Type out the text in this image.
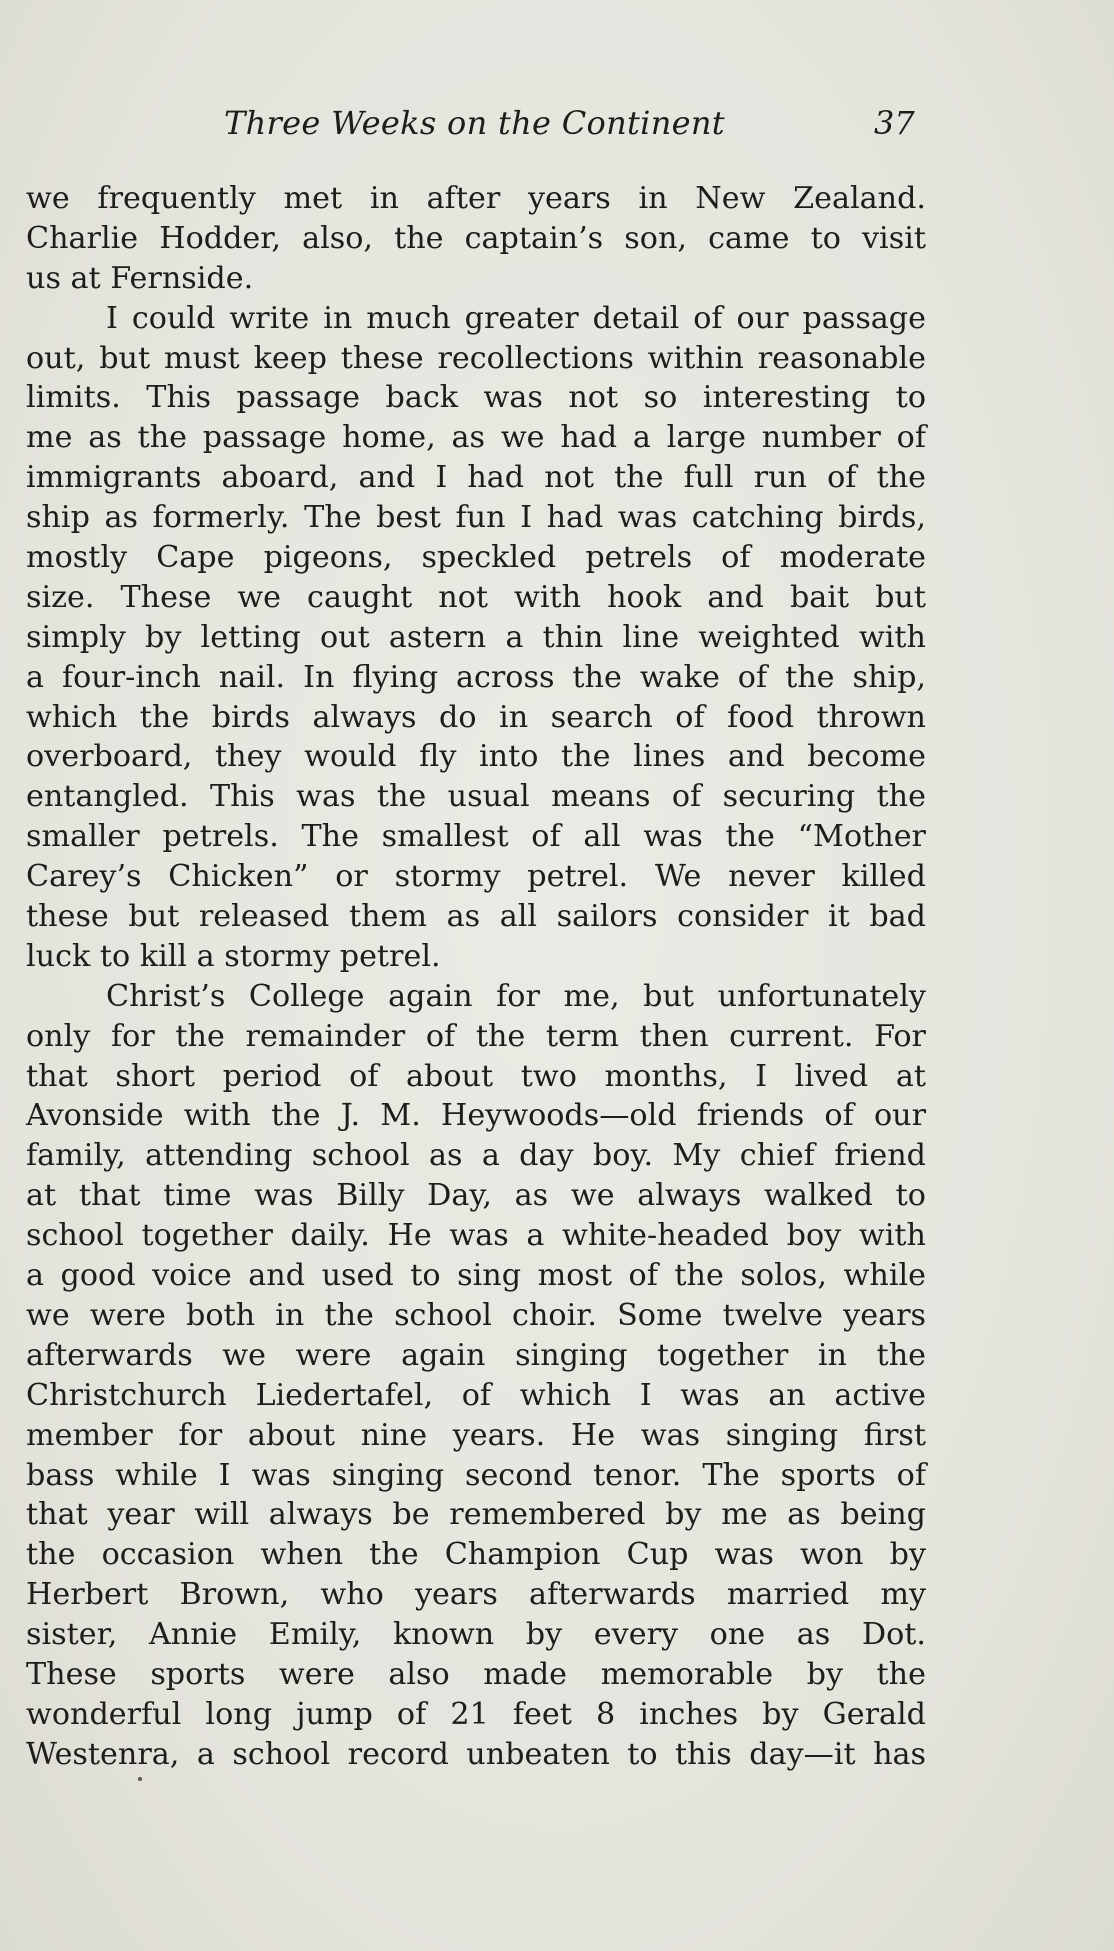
Three Weeks on the Continent	37
we frequently met in after years in New Zealand.
Charlie Hodder, also, the captain’s son, came to visit
us at Fernside.
I could write in much greater detail of our passage
out, but must keep these recollections within reasonable
limits. This passage back was not so interesting to
me as the passage home, as we had a large number of
immigrants aboard, and I had not the full run of the
ship as formerly. The best fun I had was catching birds,
mostly Cape pigeons, speckled petrels of moderate
size. These we caught not with hook and bait but
simply by letting out astern a thin line weighted with
a four-inch nail. In flying across the wake of the ship,
which the birds always do in search of food thrown
overboard, they would fly into the lines and become
entangled. This was the usual means of securing the
smaller petrels. The smallest of all was the “Mother
Carey’s Chicken” or stormy petrel. We never killed
these but released them as all sailors consider it bad
luck to kill a stormy petrel.
Christ’s College again for me, but unfortunately
only for the remainder of the term then current. For
that short period of about two months, I lived at
Avonside with the J. M. Heywoods—old friends of our
family, attending school as a day boy. My chief friend
at that time was Billy Day, as we always walked to
school together daily. He was a white-headed boy with
a good voice and used to sing most of the solos, while
we were both in the school choir. Some twelve years
afterwards we were again singing together in the
Christchurch Liedertafel, of which I was an active
member for about nine years. He was singing first
bass while I was singing second tenor. The sports of
that year will always be remembered by me as being
the occasion when the Champion Cup was won by
Herbert Brown, who years afterwards married my
sister, Annie Emily, known by every one as Dot.
These sports were also made memorable by the
wonderful long jump of 21 feet 8 inches by Gerald
Westenra, a school record unbeaten to this day—it has
